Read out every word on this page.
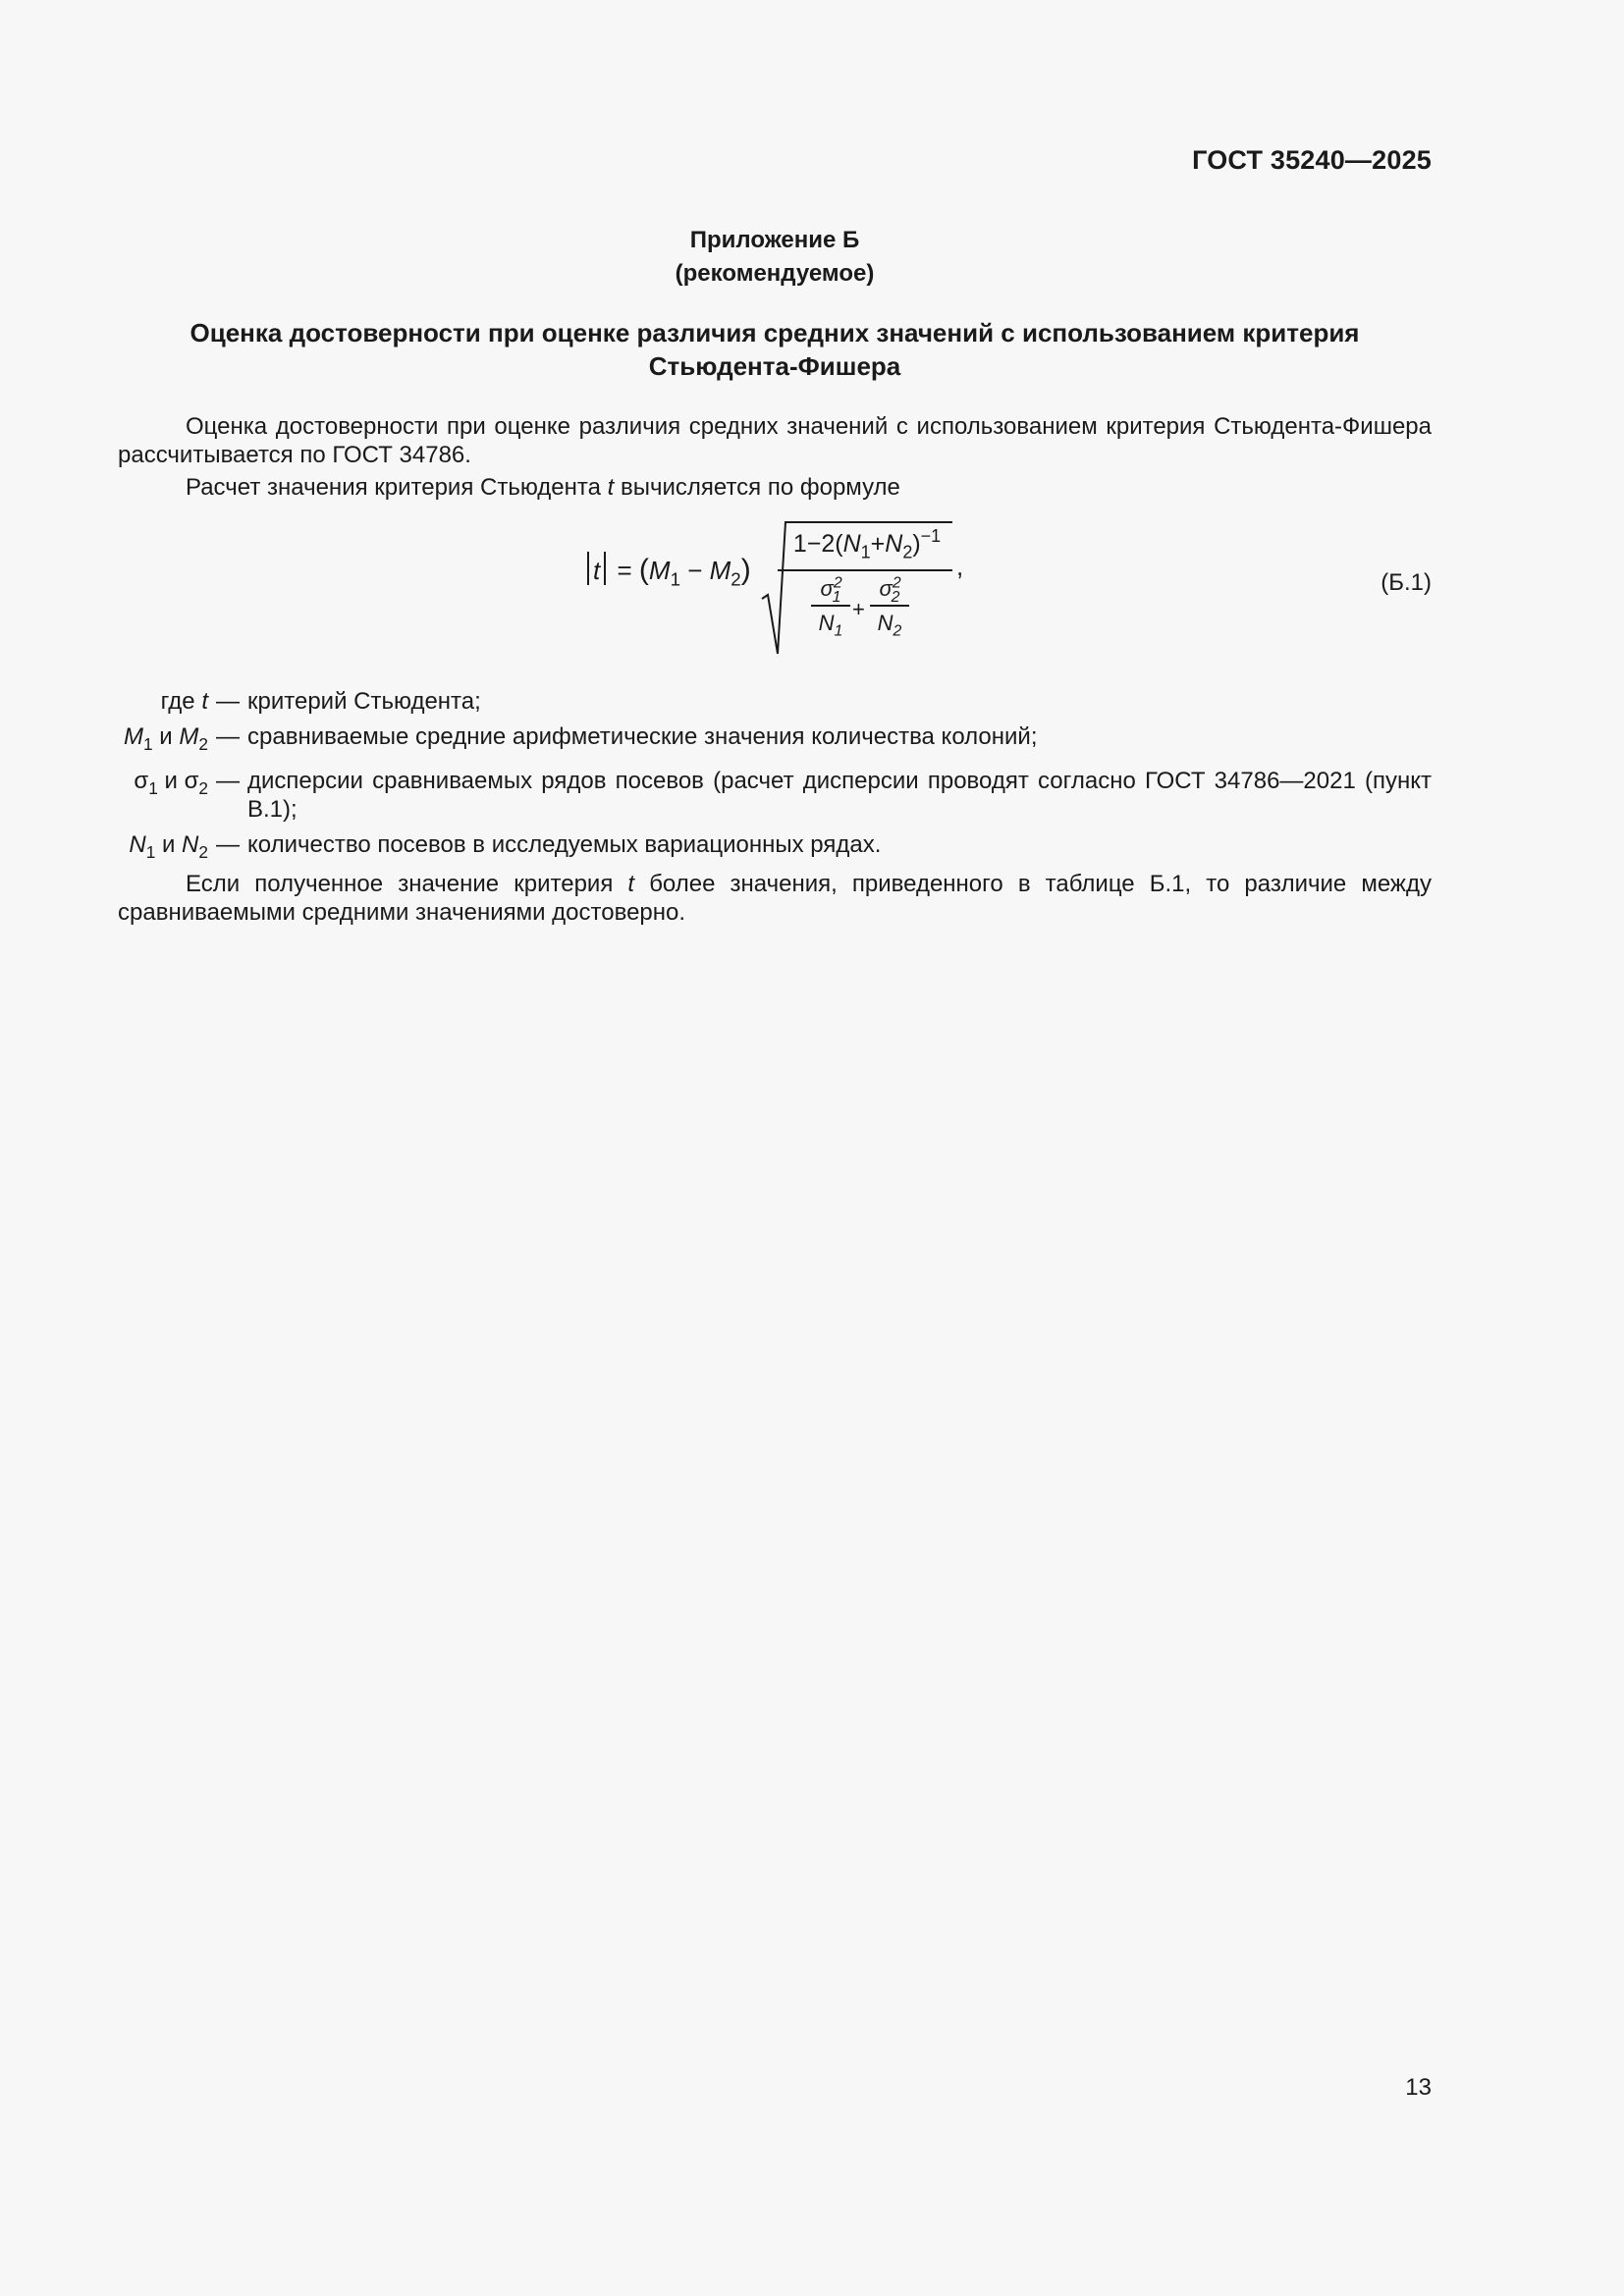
ГОСТ 35240—2025
Приложение Б
(рекомендуемое)
Оценка достоверности при оценке различия средних значений с использованием критерия Стьюдента-Фишера
Оценка достоверности при оценке различия средних значений с использованием критерия Стьюдента-Фишера рассчитывается по ГОСТ 34786.
Расчет значения критерия Стьюдента t вычисляется по формуле
$t = (M_1 - M_2)$
$1-2(N_1+N_2)^{-1}$
$\sigma^2_1$
$N_1$
+
$\sigma^2_2$
$N_2$
,
(Б.1)
где t — критерий Стьюдента;
$M_1$ и $M_2$ — сравниваемые средние арифметические значения количества колоний;
$\sigma_1$ и $\sigma_2$ — дисперсии сравниваемых рядов посевов (расчет дисперсии проводят согласно ГОСТ 34786—2021 (пункт В.1);
$N_1$ и $N_2$ — количество посевов в исследуемых вариационных рядах.
Если полученное значение критерия t более значения, приведенного в таблице Б.1, то различие между сравниваемыми средними значениями достоверно.
13
